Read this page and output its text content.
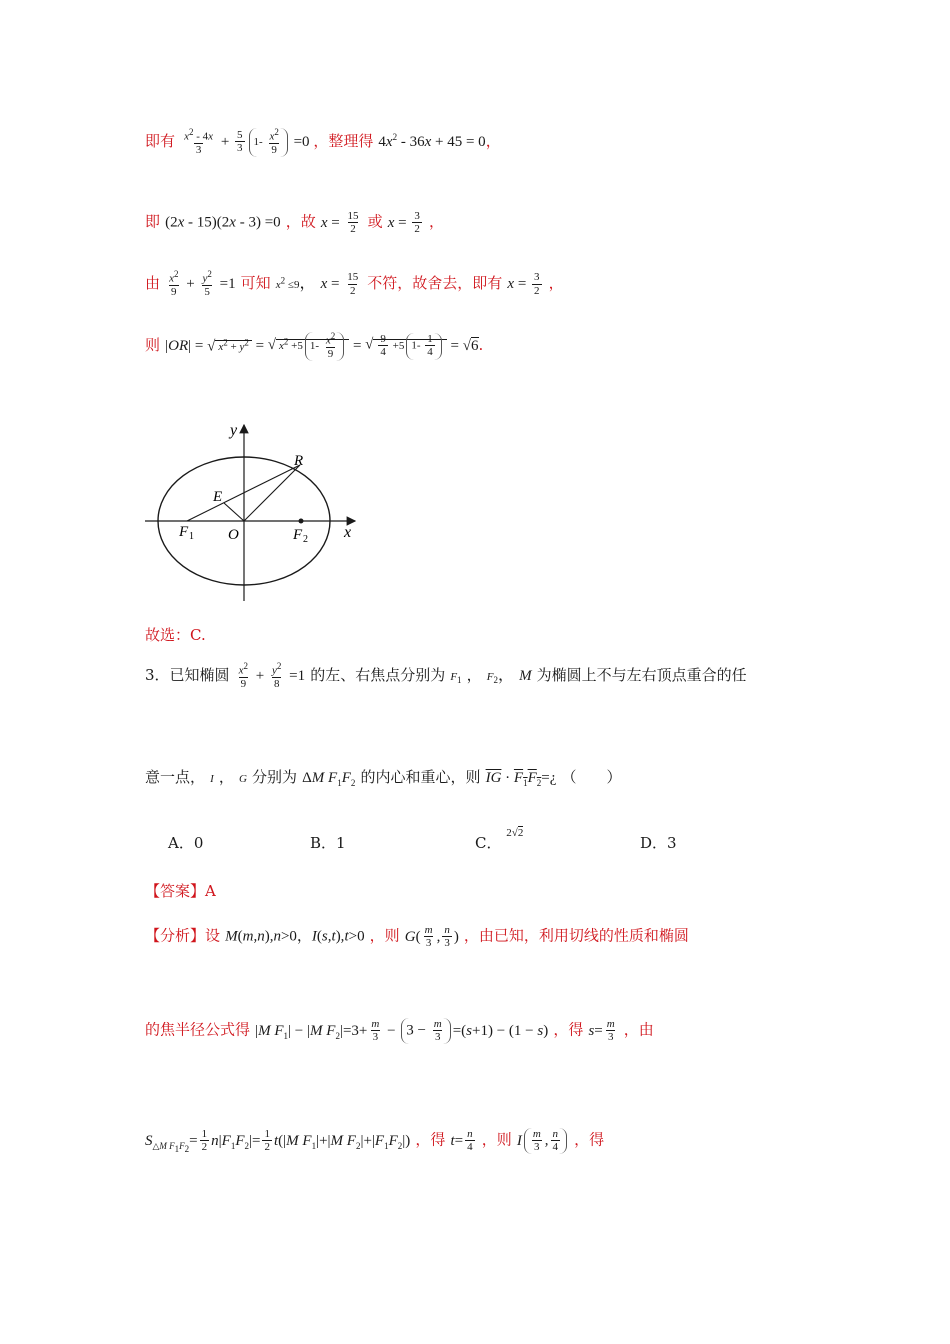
即有 $\frac{x^2 - 4x}{3} + \frac{5}{3} 1- \frac{x^2}{9} =0$ ，整理得 $4x^2 - 36x + 45 = 0$，
即 (2x - 15)(2x - 3) =0 ，故 $x = \frac{15}{2}$ 或 $x = \frac{3}{2}$ ，
由 $\frac{x^2}{9} + \frac{y^2}{5} =1$ 可知 $x^2 \le 9$， $x = \frac{15}{2}$ 不符，故舍去，即有 $x = \frac{3}{2}$ ，
则 |OR| = √ $x^2 + y^2$ = √ $x^2 +5$ $1- \frac{x^2}{9}$ = √ $\frac{9}{4} +5$ $1- \frac{1}{4} = √6$.
y
x
R
E
O
F 1	F 2
故选：C.
3．已知椭圆 $\frac{x^2}{9} + \frac{y^2}{8} =1$ 的左、右焦点分别为 $F_1$ ， $F_2$， M 为椭圆上不与左右顶点重合的任
意一点， I ， G 分别为 ΔM $F_1F_2$ 的内心和重心，则 $\overline{IG}$ · $F_1F_2=¿$ （　　）
A．0	B．1	C． $^{2√2}$
D．3
【答案】A
【分析】设 M(m,n),n>0，I(s,t),t>0 ，则 $G( \frac{m}{3}$ , $\frac{n}{3}$ ) ，由已知，利用切线的性质和椭圆
的焦半径公式得 |M $F_1| - |M$ $F_2|=3+ \frac{m}{3} - 3 - \frac{m}{3} =(s+1) - (1 - s)$ ，得 $s= \frac{m}{3}$ ，由
$S_{\triangle M F_1F_2}= \frac{1}{2} n|F_1F_2|= \frac{1}{2} t(|M$ $F_1|+|M$ $F_2|+|F_1F_2|$) ，得 $t= \frac{n}{4}$ ，则 I $\frac{m}{3}$ , $\frac{n}{4}$ ，得
